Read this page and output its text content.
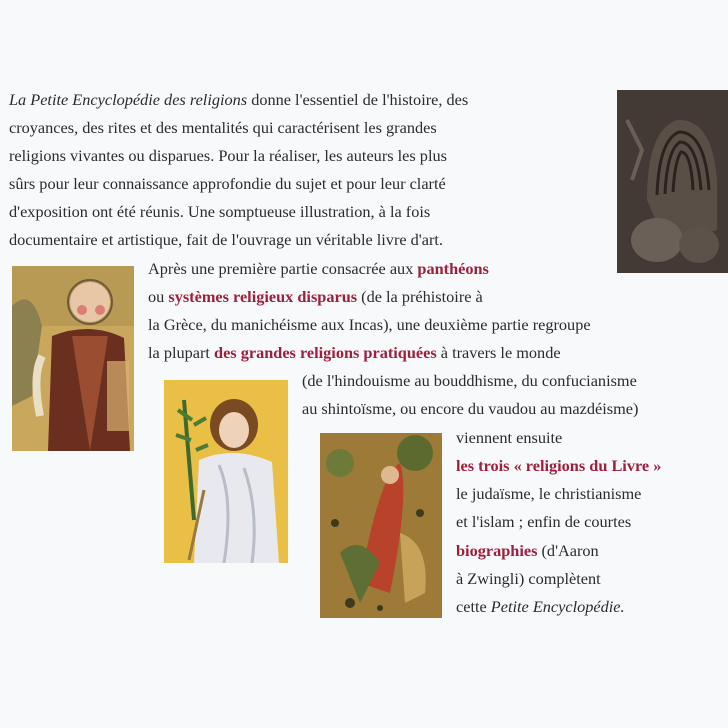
La Petite Encyclopédie des religions donne l'essentiel de l'histoire, des
croyances, des rites et des mentalités qui caractérisent les grandes
religions vivantes ou disparues. Pour la réaliser, les auteurs les plus
sûrs pour leur connaissance approfondie du sujet et pour leur clarté
d'exposition ont été réunis. Une somptueuse illustration, à la fois
documentaire et artistique, fait de l'ouvrage un véritable livre d'art.
Après une première partie consacrée aux panthéons
ou systèmes religieux disparus (de la préhistoire à
la Grèce, du manichéisme aux Incas), une deuxième partie regroupe
la plupart des grandes religions pratiquées à travers le monde
(de l'hindouisme au bouddhisme, du confucianisme
au shintoïsme, ou encore du vaudou au mazdéisme)
viennent ensuite
les trois « religions du Livre »
le judaïsme, le christianisme
et l'islam ; enfin de courtes
biographies (d'Aaron
à Zwingli) complètent
cette Petite Encyclopédie.
